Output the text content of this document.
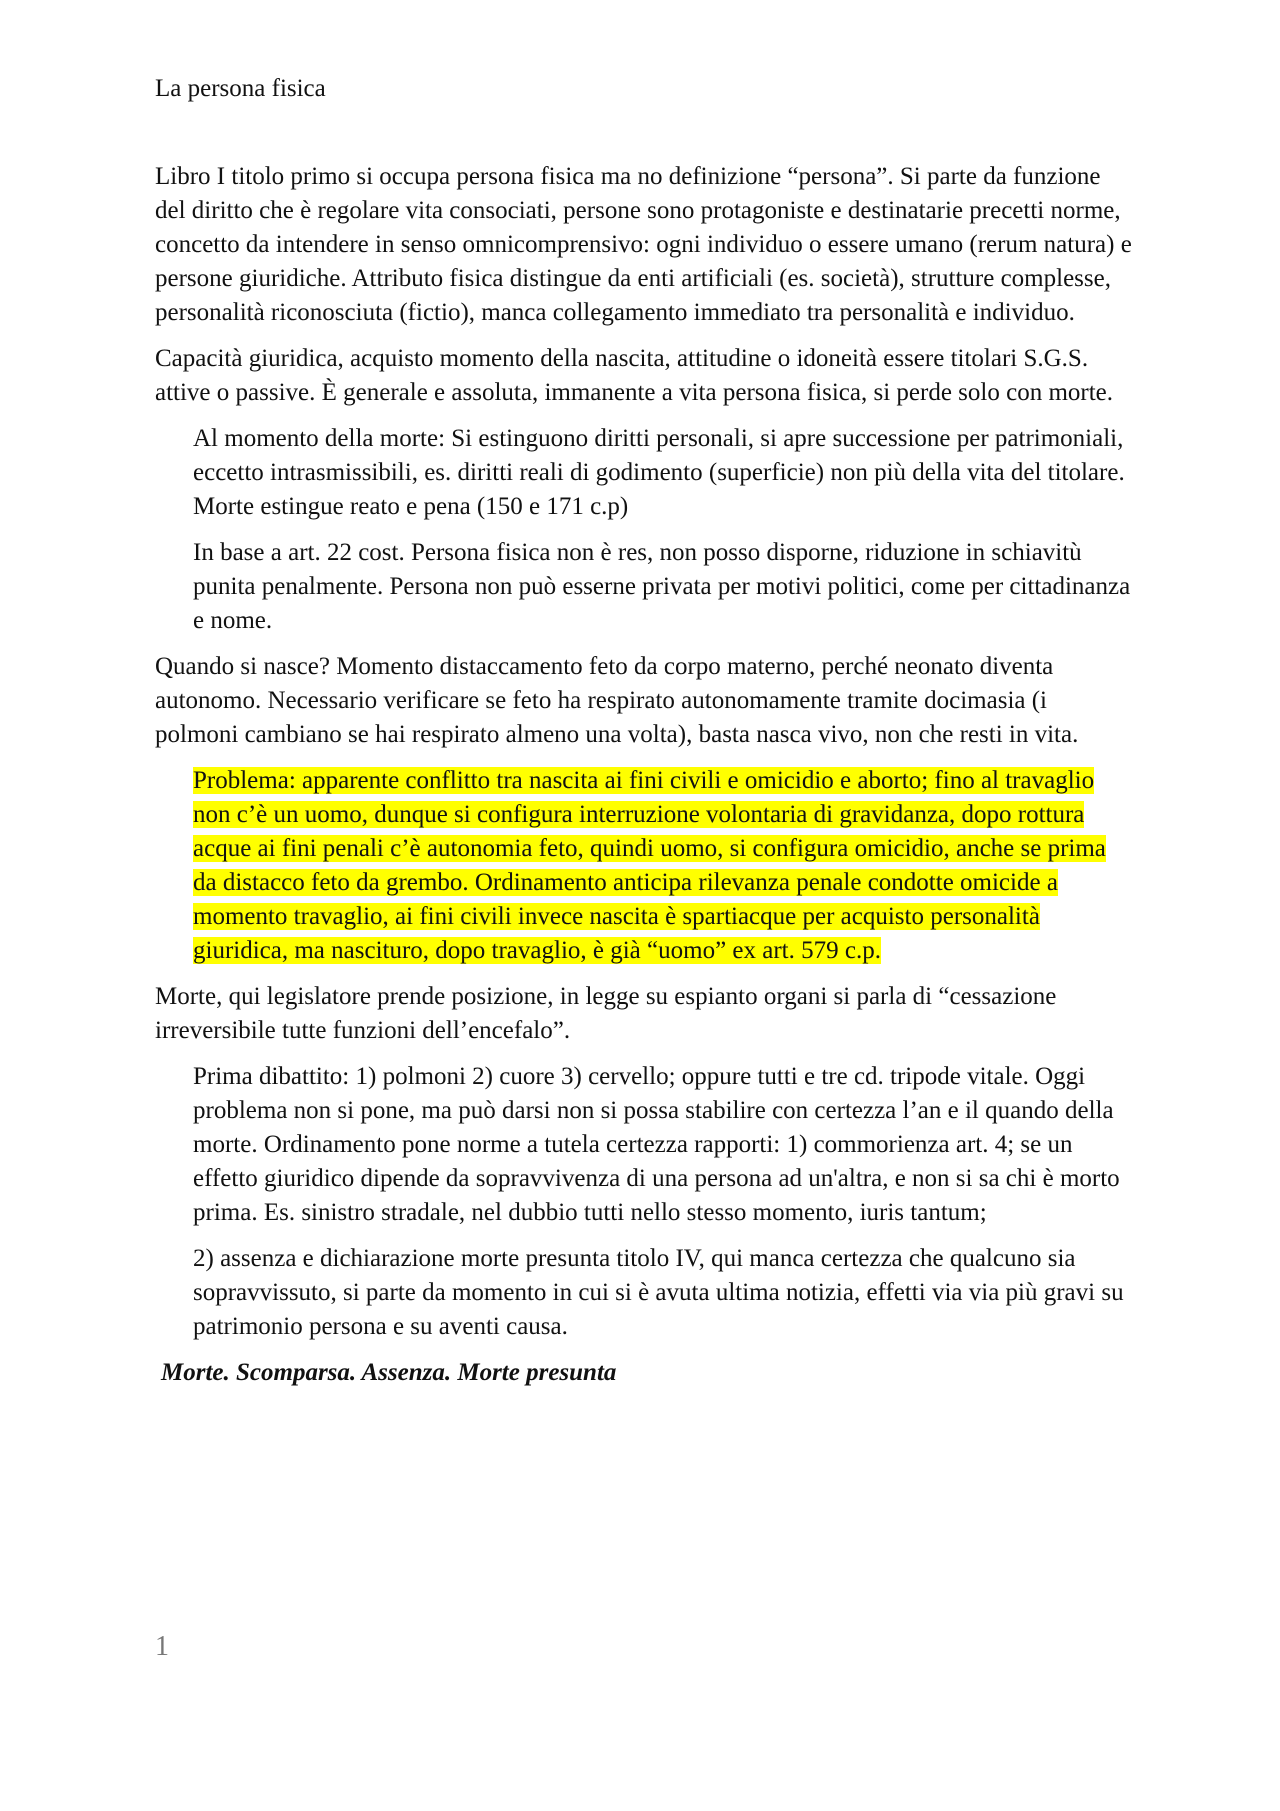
La persona fisica

Libro I titolo primo si occupa persona fisica ma no definizione “persona”. Si parte da funzione del diritto che è regolare vita consociati, persone sono protagoniste e destinatarie precetti norme, concetto da intendere in senso omnicomprensivo: ogni individuo o essere umano (rerum natura) e persone giuridiche. Attributo fisica distingue da enti artificiali (es. società), strutture complesse, personalità riconosciuta (fictio), manca collegamento immediato tra personalità e individuo.

Capacità giuridica, acquisto momento della nascita, attitudine o idoneità essere titolari S.G.S. attive o passive. È generale e assoluta, immanente a vita persona fisica, si perde solo con morte.

Al momento della morte: Si estinguono diritti personali, si apre successione per patrimoniali, eccetto intrasmissibili, es. diritti reali di godimento (superficie) non più della vita del titolare. Morte estingue reato e pena (150 e 171 c.p)

In base a art. 22 cost. Persona fisica non è res, non posso disporne, riduzione in schiavitù punita penalmente. Persona non può esserne privata per motivi politici, come per cittadinanza e nome.

Quando si nasce? Momento distaccamento feto da corpo materno, perché neonato diventa autonomo. Necessario verificare se feto ha respirato autonomamente tramite docimasia (i polmoni cambiano se hai respirato almeno una volta), basta nasca vivo, non che resti in vita.

Problema: apparente conflitto tra nascita ai fini civili e omicidio e aborto; fino al travaglio non c’è un uomo, dunque si configura interruzione volontaria di gravidanza, dopo rottura acque ai fini penali c’è autonomia feto, quindi uomo, si configura omicidio, anche se prima da distacco feto da grembo. Ordinamento anticipa rilevanza penale condotte omicide a momento travaglio, ai fini civili invece nascita è spartiacque per acquisto personalità giuridica, ma nascituro, dopo travaglio, è già “uomo” ex art. 579 c.p.

Morte, qui legislatore prende posizione, in legge su espianto organi si parla di “cessazione irreversibile tutte funzioni dell’encefalo”.

Prima dibattito: 1) polmoni 2) cuore 3) cervello; oppure tutti e tre cd. tripode vitale. Oggi problema non si pone, ma può darsi non si possa stabilire con certezza l’an e il quando della morte. Ordinamento pone norme a tutela certezza rapporti: 1) commorienza art. 4; se un effetto giuridico dipende da sopravvivenza di una persona ad un'altra, e non si sa chi è morto prima. Es. sinistro stradale, nel dubbio tutti nello stesso momento, iuris tantum;

2) assenza e dichiarazione morte presunta titolo IV, qui manca certezza che qualcuno sia sopravvissuto, si parte da momento in cui si è avuta ultima notizia, effetti via via più gravi su patrimonio persona e su aventi causa.

Morte. Scomparsa. Assenza. Morte presunta

1
